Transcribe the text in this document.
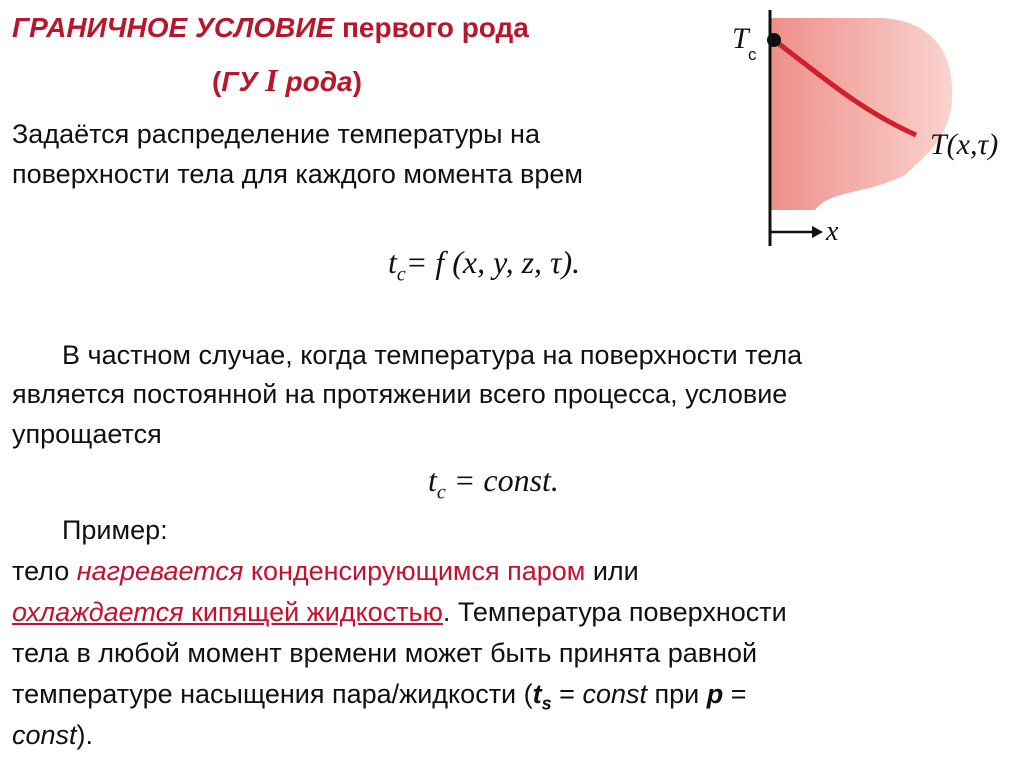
ГРАНИЧНОЕ УСЛОВИЕ первого рода
(ГУ I рода)
Задаётся распределение температуры на
поверхности тела для каждого момента врем
$t_c= f$ (x, y, z, τ).
В частном случае, когда температура на поверхности тела
является постоянной на протяжении всего процесса, условие
упрощается
$t_c$ = const.
Пример:
тело нагревается конденсирующимся паром или
охлаждается кипящей жидкостью. Температура поверхности
тела в любой момент времени может быть принята равной
температуре насыщения пара/жидкости ($t_s$ = const при p =
const).
T c
T(x,τ)
x
